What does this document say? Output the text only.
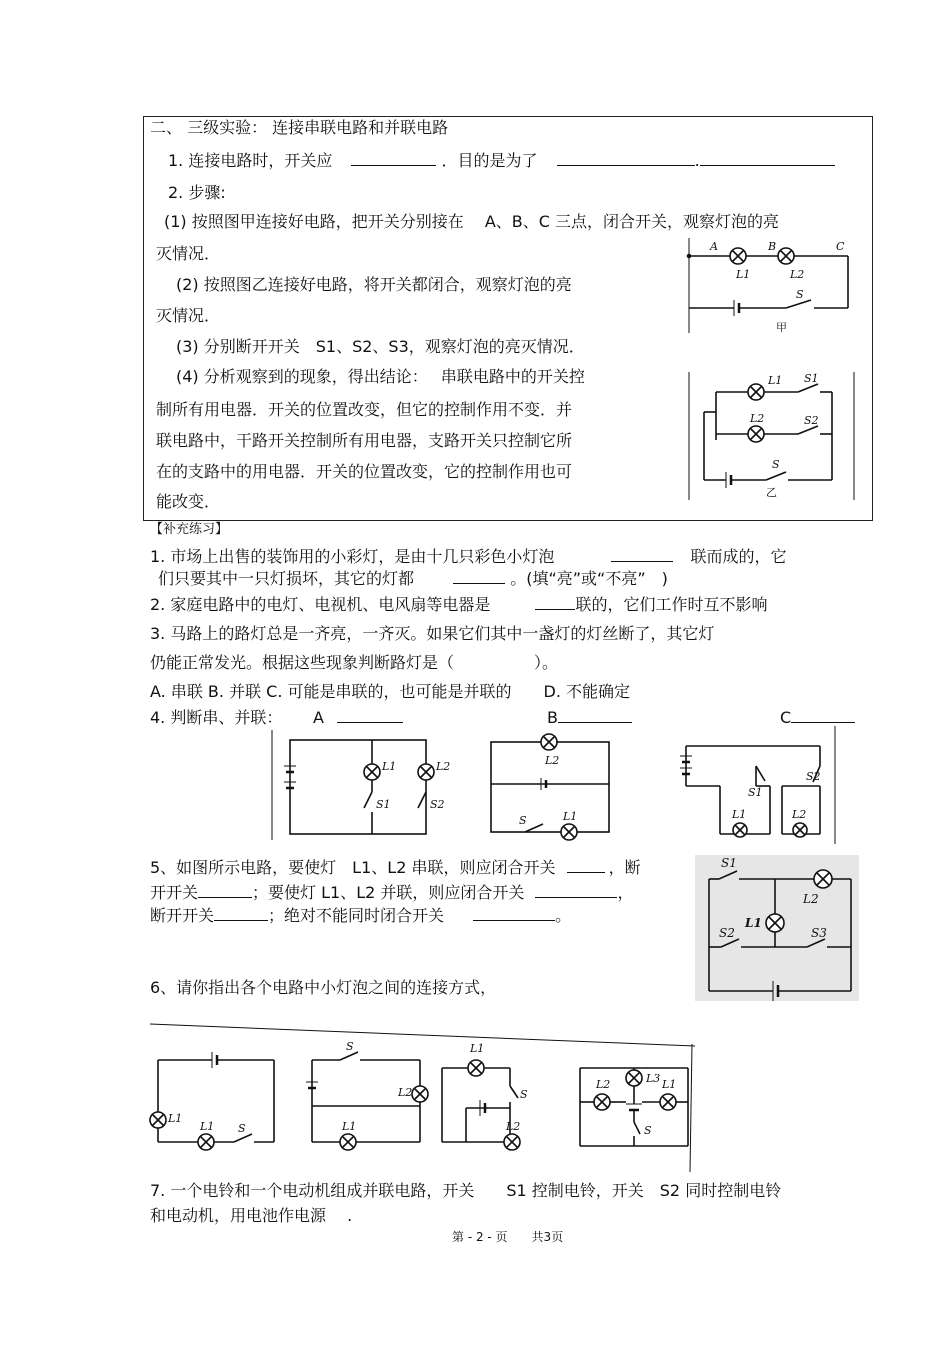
二、 三级实验： 连接串联电路和并联电路
1. 连接电路时，开关应	．目的是为了	.
2. 步骤:
(1) 按照图甲连接好电路，把开关分别接在　 A、B、C 三点，闭合开关，观察灯泡的亮
灭情况．
(2) 按照图乙连接好电路，将开关都闭合，观察灯泡的亮
灭情况．
(3) 分别断开开关　S1、S2、S3，观察灯泡的亮灭情况．
(4) 分析观察到的现象，得出结论：　 串联电路中的开关控
制所有用电器．开关的位置改变，但它的控制作用不变．并
联电路中，干路开关控制所有用电器，支路开关只控制它所
在的支路中的用电器．开关的位置改变，它的控制作用也可
能改变．
A	B	C
L1	L2
S
甲
L1 S1
L2	S2
S
乙
【补充练习】
1. 市场上出售的装饰用的小彩灯，是由十几只彩色小灯泡	联而成的，它
们只要其中一只灯损坏，其它的灯都	。(填“亮”或“不亮”　)
2. 家庭电路中的电灯、电视机、电风扇等电器是	联的，它们工作时互不影响
3. 马路上的路灯总是一齐亮，一齐灭。如果它们其中一盏灯的灯丝断了，其它灯
仍能正常发光。根据这些现象判断路灯是（　　　　　）。
A. 串联 B. 并联 C. 可能是串联的，也可能是并联的　　D. 不能确定
4. 判断串、并联： A	B	C
L1	L2
S1	S2
L2
S	L1
S1
S2
L1	L2
5、如图所示电路，要使灯　L1、L2 串联，则应闭合开关	，断
开开关	；要使灯 L1、L2 并联，则应闭合开关	，
断开开关	；绝对不能同时闭合开关	。
S1
L2
L1
S2	S3
6、请你指出各个电路中小灯泡之间的连接方式，
L1
L1 S
S
L2
L1
L1
S
L2
L2	L3 L1
S
7. 一个电铃和一个电动机组成并联电路，开关　　S1 控制电铃，开关　S2 同时控制电铃
和电动机，用电池作电源　 .
第 - 2 - 页　　共3页
